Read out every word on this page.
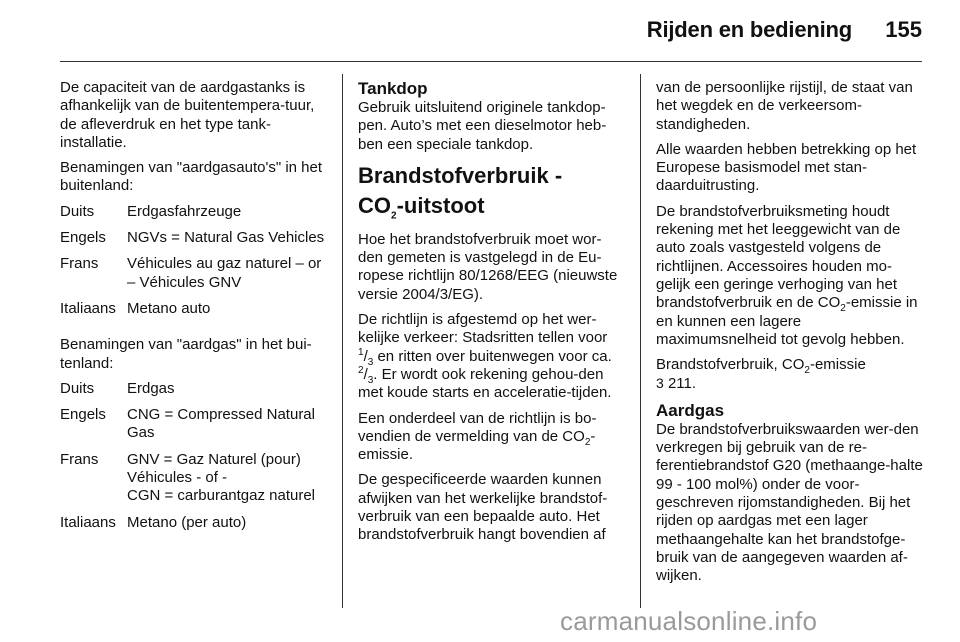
Rijden en bediening 155

De capaciteit van de aardgastanks is afhankelijk van de buitentempera-tuur, de afleverdruk en het type tank-installatie.

Benamingen van "aardgasauto's" in het buitenland:

Duits	Erdgasfahrzeuge
Engels	NGVs = Natural Gas Vehicles
Frans	Véhicules au gaz naturel – or – Véhicules GNV
Italiaans	Metano auto

Benamingen van "aardgas" in het bui-tenland:

Duits	Erdgas
Engels	CNG = Compressed Natural Gas
Frans	GNV = Gaz Naturel (pour) Véhicules - of -
CGN = carburantgaz naturel
Italiaans	Metano (per auto)
Tankdop

Gebruik uitsluitend originele tankdop-pen. Auto’s met een dieselmotor heb-ben een speciale tankdop.

Brandstofverbruik -
$CO_2$-uitstoot

Hoe het brandstofverbruik moet wor-den gemeten is vastgelegd in de Eu-ropese richtlijn 80/1268/EEG (nieuwste versie 2004/3/EG).

De richtlijn is afgestemd op het wer-kelijke verkeer: Stadsritten tellen voor $^1/_3$ en ritten over buitenwegen voor ca. $^2/_3$. Er wordt ook rekening gehou-den met koude starts en acceleratie-tijden.

Een onderdeel van de richtlijn is bo-vendien de vermelding van de $CO_2$-emissie.

De gespecificeerde waarden kunnen afwijken van het werkelijke brandstof-verbruik van een bepaalde auto. Het brandstofverbruik hangt bovendien af

van de persoonlijke rijstijl, de staat van het wegdek en de verkeersom-standigheden.

Alle waarden hebben betrekking op het Europese basismodel met stan-daarduitrusting.

De brandstofverbruiksmeting houdt rekening met het leeggewicht van de auto zoals vastgesteld volgens de richtlijnen. Accessoires houden mo-gelijk een geringe verhoging van het brandstofverbruik en de $CO_2$-emissie in en kunnen een lagere maximumsnelheid tot gevolg hebben.

Brandstofverbruik, $CO_2$-emissie
3 211.

Aardgas

De brandstofverbruikswaarden wer-den verkregen bij gebruik van de re-ferentiebrandstof G20 (methaange-halte 99 - 100 mol%) onder de voor-geschreven rijomstandigheden. Bij het rijden op aardgas met een lager methaangehalte kan het brandstofge-bruik van de aangegeven waarden af-wijken.

carmanualsonline.info
